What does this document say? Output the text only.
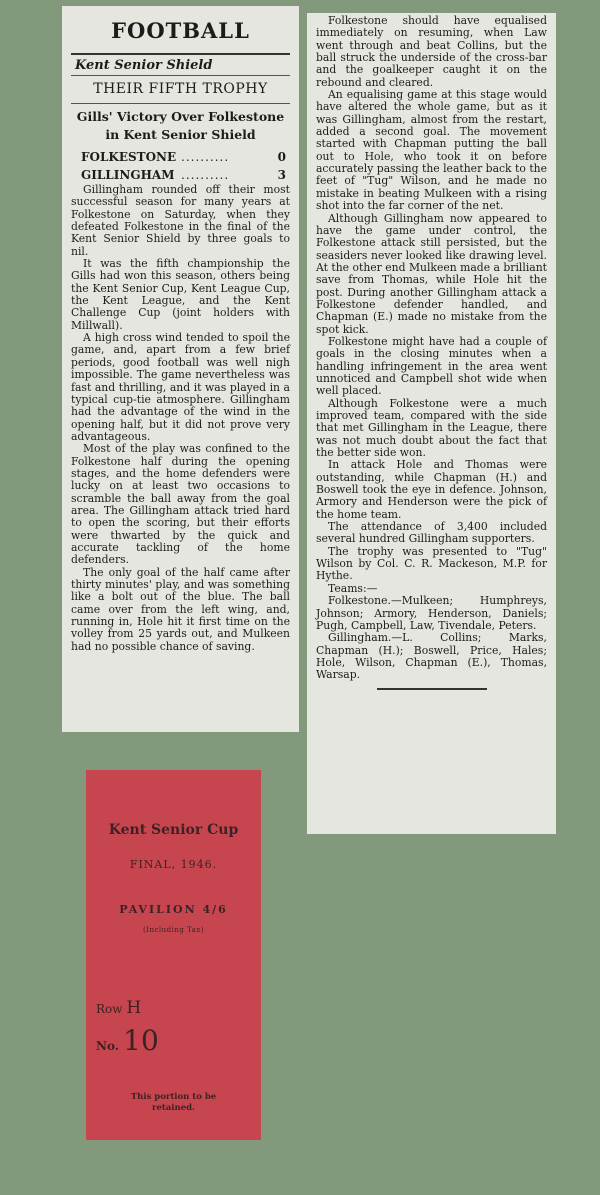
FOOTBALL
Kent Senior Shield
THEIR FIFTH TROPHY
Gills' Victory Over Folkestone
in Kent Senior Shield
FOLKESTONE ..........	0
GILLINGHAM ..........	3

Gillingham rounded off their most successful season for many years at Folkestone on Saturday, when they defeated Folkestone in the final of the Kent Senior Shield by three goals to nil.

It was the fifth championship the Gills had won this season, others being the Kent Senior Cup, Kent League Cup, the Kent League, and the Kent Challenge Cup (joint holders with Millwall).

A high cross wind tended to spoil the game, and, apart from a few brief periods, good football was well nigh impossible. The game nevertheless was fast and thrilling, and it was played in a typical cup-tie atmosphere. Gillingham had the advantage of the wind in the opening half, but it did not prove very advantageous.

Most of the play was confined to the Folkestone half during the opening stages, and the home defenders were lucky on at least two occasions to scramble the ball away from the goal area. The Gillingham attack tried hard to open the scoring, but their efforts were thwarted by the quick and accurate tackling of the home defenders.

The only goal of the half came after thirty minutes' play, and was something like a bolt out of the blue. The ball came over from the left wing, and, running in, Hole hit it first time on the volley from 25 yards out, and Mulkeen had no possible chance of saving.

Folkestone should have equalised immediately on resuming, when Law went through and beat Collins, but the ball struck the underside of the cross-bar and the goalkeeper caught it on the rebound and cleared.

An equalising game at this stage would have altered the whole game, but as it was Gillingham, almost from the restart, added a second goal. The movement started with Chapman putting the ball out to Hole, who took it on before accurately passing the leather back to the feet of "Tug" Wilson, and he made no mistake in beating Mulkeen with a rising shot into the far corner of the net.

Although Gillingham now appeared to have the game under control, the Folkestone attack still persisted, but the seasiders never looked like drawing level. At the other end Mulkeen made a brilliant save from Thomas, while Hole hit the post. During another Gillingham attack a Folkestone defender handled, and Chapman (E.) made no mistake from the spot kick.

Folkestone might have had a couple of goals in the closing minutes when a handling infringement in the area went unnoticed and Campbell shot wide when well placed.

Although Folkestone were a much improved team, compared with the side that met Gillingham in the League, there was not much doubt about the fact that the better side won.

In attack Hole and Thomas were outstanding, while Chapman (H.) and Boswell took the eye in defence. Johnson, Armory and Henderson were the pick of the home team.

The attendance of 3,400 included several hundred Gillingham supporters.

The trophy was presented to "Tug" Wilson by Col. C. R. Mackeson, M.P. for Hythe.

Teams:—

Folkestone.—Mulkeen; Humphreys, Johnson; Armory, Henderson, Daniels; Pugh, Campbell, Law, Tivendale, Peters.

Gillingham.—L. Collins; Marks, Chapman (H.); Boswell, Price, Hales; Hole, Wilson, Chapman (E.), Thomas, Warsap.

Kent Senior Cup
FINAL, 1946.
PAVILION 4/6
(Including Tax)
Row H
No. 10
This portion to be
retained.
